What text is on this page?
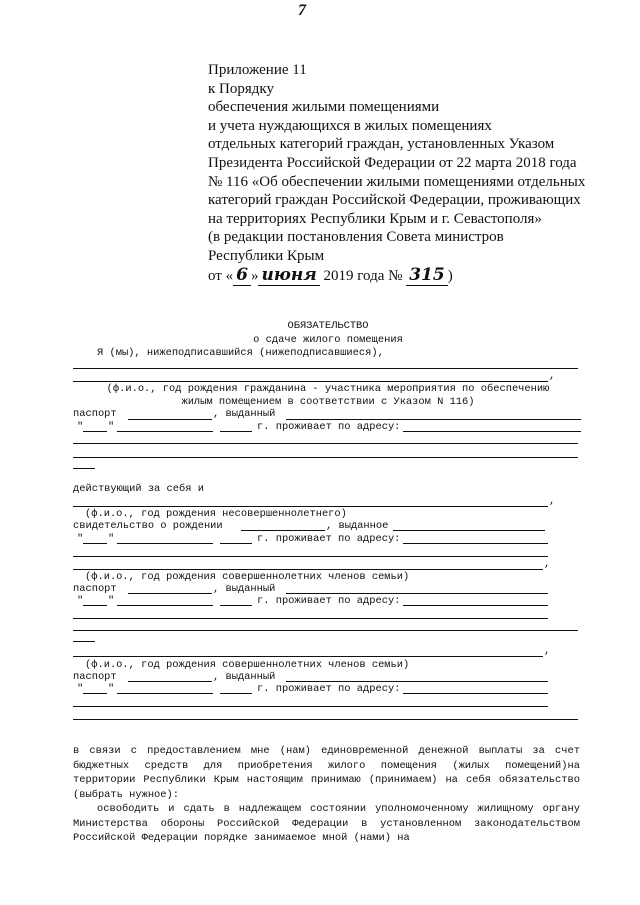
7
Приложение 11
к Порядку
обеспечения жилыми помещениями
и учета нуждающихся в жилых помещениях
отдельных категорий граждан, установленных Указом
Президента Российской Федерации от 22 марта 2018 года
№ 116 «Об обеспечении жилыми помещениями отдельных
категорий граждан Российской Федерации, проживающих
на территориях Республики Крым и г. Севастополя»
(в редакции постановления Совета министров
Республики Крым
от « 6 » июня 2019 года № 315 )
ОБЯЗАТЕЛЬСТВО
о сдаче жилого помещения
Я (мы), нижеподписавшийся (нижеподписавшиеся),
,
(ф.и.о., год рождения гражданина - участника мероприятия по обеспечению
жилым помещением в соответствии с Указом N 116)
паспорт	, выданный
" "	г. проживает по адресу:
действующий за себя и
,
(ф.и.о., год рождения несовершеннолетнего)
свидетельство о рождении	, выданное
" "	г. проживает по адресу:
,
(ф.и.о., год рождения совершеннолетних членов семьи)
паспорт	, выданный
" "	г. проживает по адресу:
,
(ф.и.о., год рождения совершеннолетних членов семьи)
паспорт	, выданный
" "	г. проживает по адресу:

в связи с предоставлением мне (нам) единовременной денежной выплаты за счет бюджетных средств для приобретения жилого помещения (жилых помещений)на территории Республики Крым настоящим принимаю (принимаем) на себя обязательство (выбрать нужное):

освободить и сдать в надлежащем состоянии уполномоченному жилищному органу Министерства обороны Российской Федерации в установленном законодательством Российской Федерации порядке занимаемое мной (нами) на
